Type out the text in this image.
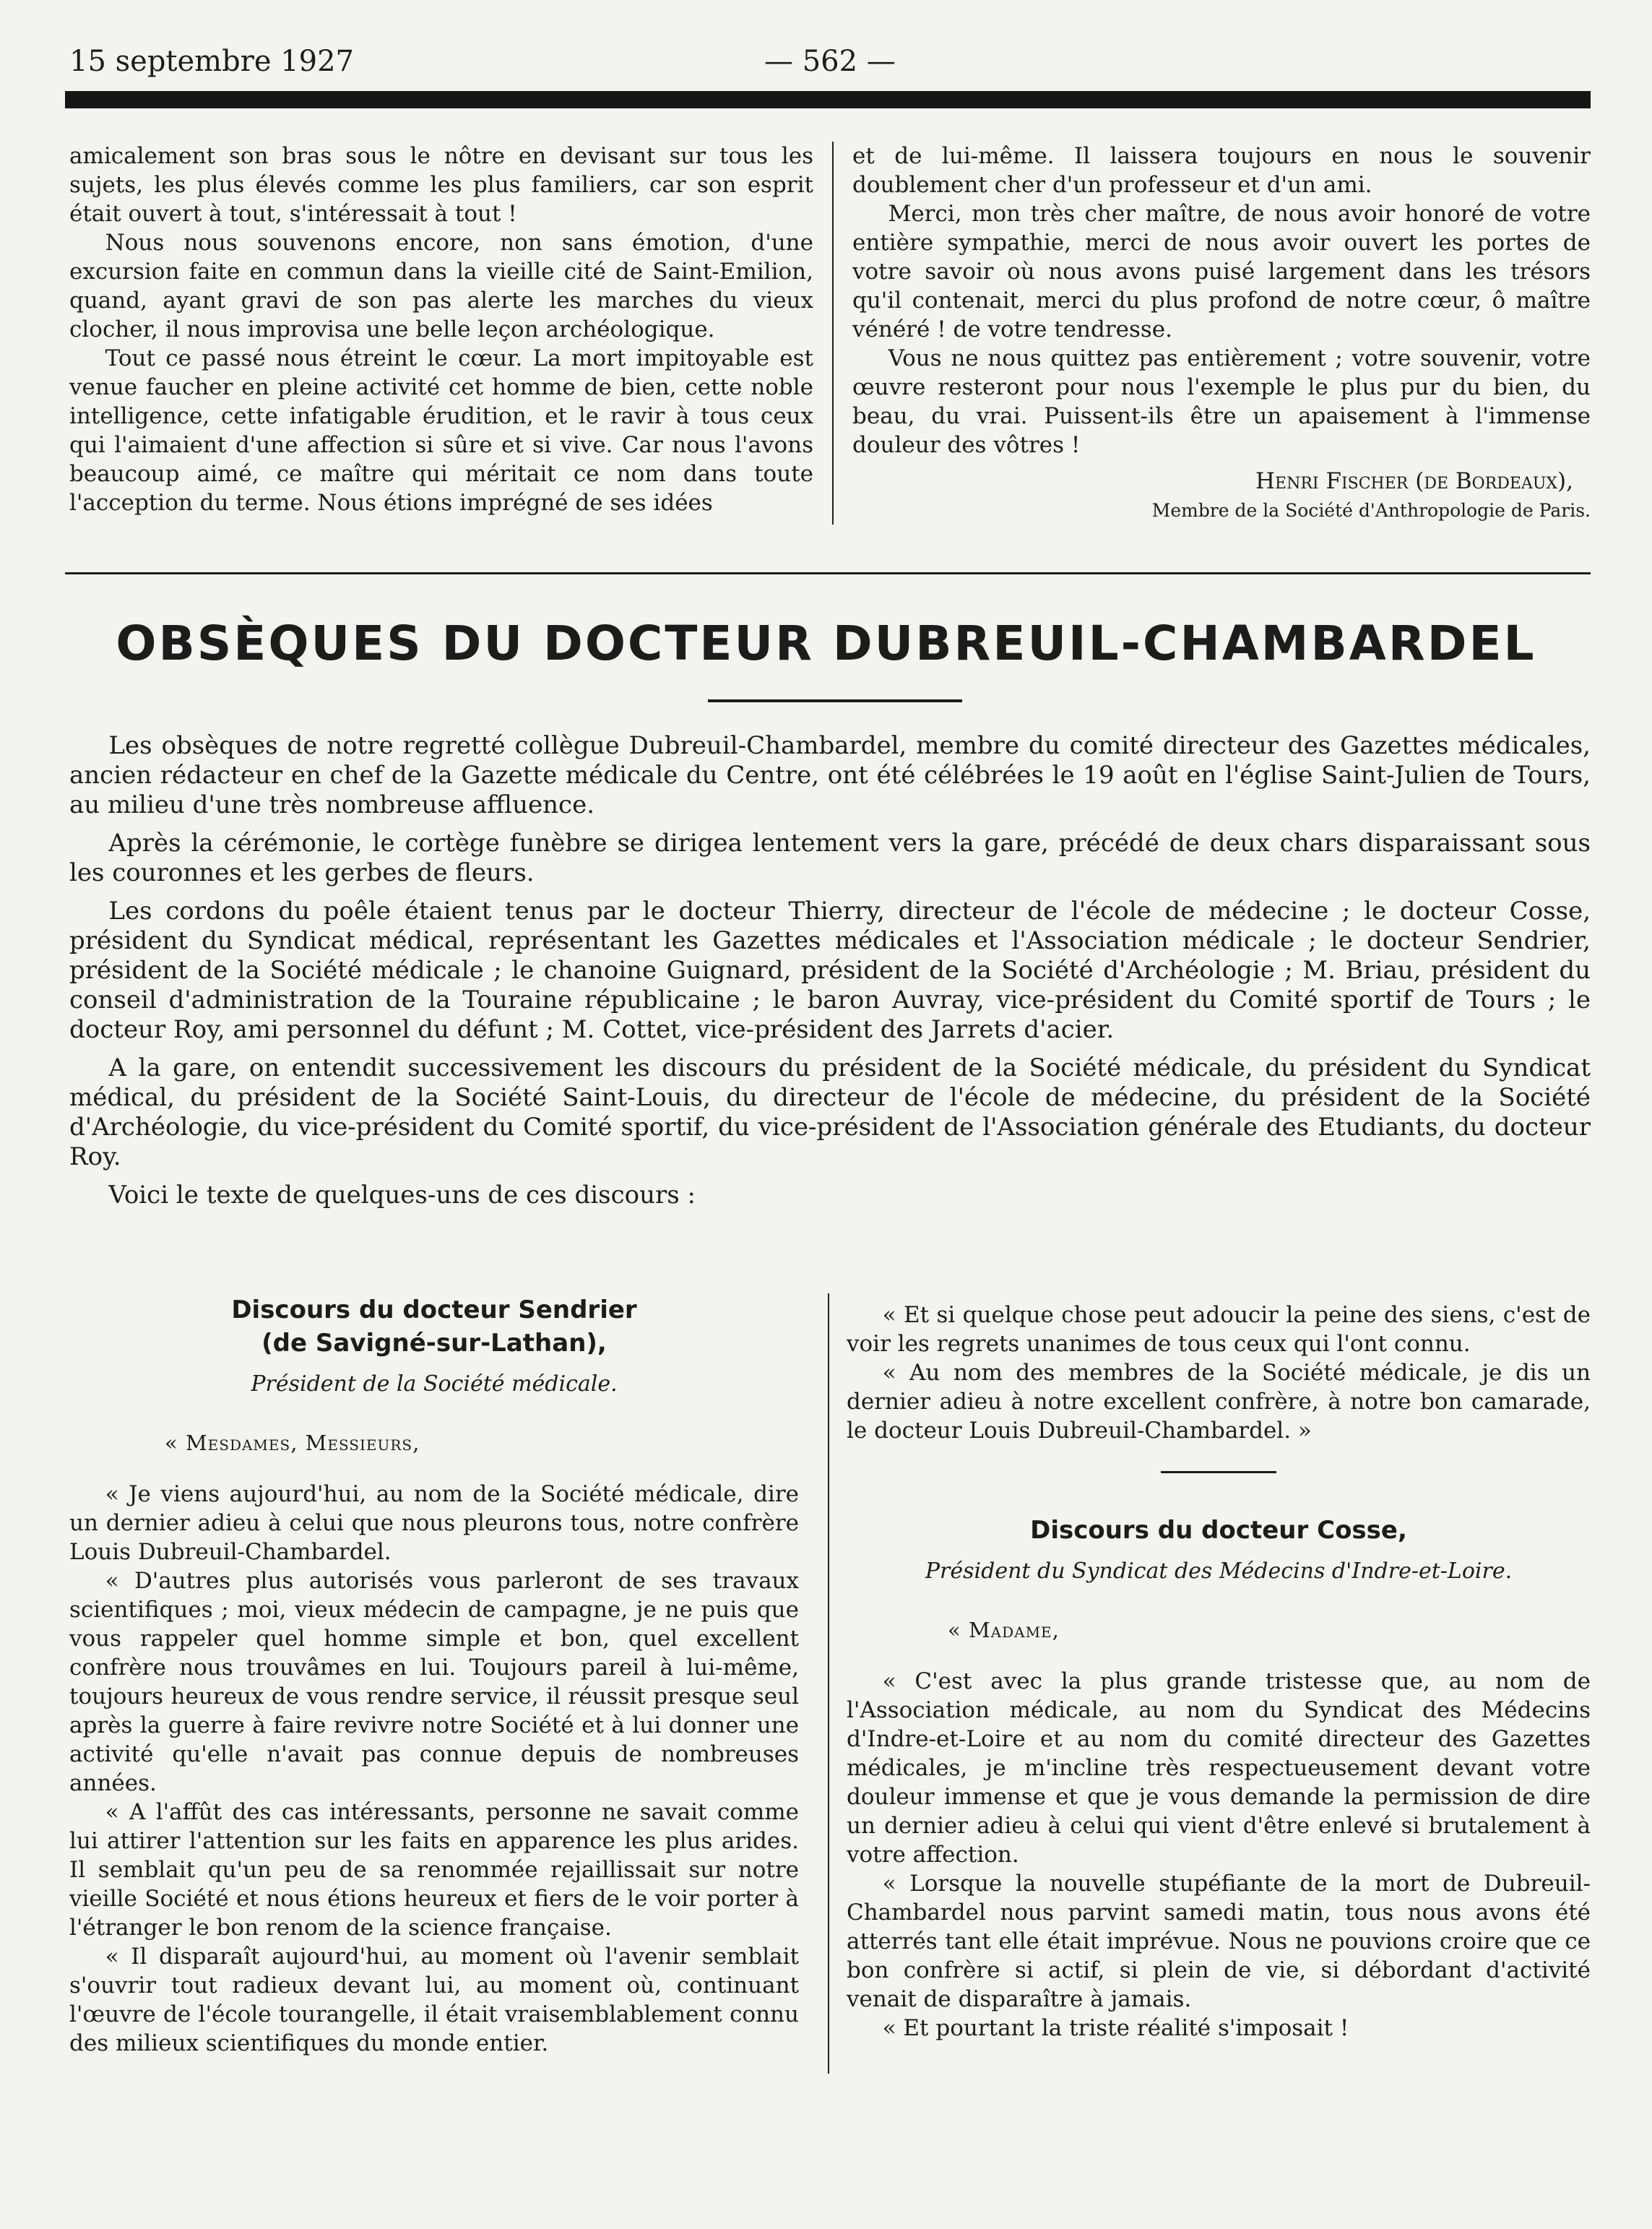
15 septembre 1927	— 562 —

amicalement son bras sous le nôtre en devisant sur tous les sujets, les plus élevés comme les plus familiers, car son esprit était ouvert à tout, s'intéressait à tout !

Nous nous souvenons encore, non sans émotion, d'une excursion faite en commun dans la vieille cité de Saint-Emilion, quand, ayant gravi de son pas alerte les marches du vieux clocher, il nous improvisa une belle leçon archéologique.

Tout ce passé nous étreint le cœur. La mort impitoyable est venue faucher en pleine activité cet homme de bien, cette noble intelligence, cette infatigable érudition, et le ravir à tous ceux qui l'aimaient d'une affection si sûre et si vive. Car nous l'avons beaucoup aimé, ce maître qui méritait ce nom dans toute l'acception du terme. Nous étions imprégné de ses idées

et de lui-même. Il laissera toujours en nous le souvenir doublement cher d'un professeur et d'un ami.

Merci, mon très cher maître, de nous avoir honoré de votre entière sympathie, merci de nous avoir ouvert les portes de votre savoir où nous avons puisé largement dans les trésors qu'il contenait, merci du plus profond de notre cœur, ô maître vénéré ! de votre tendresse.

Vous ne nous quittez pas entièrement ; votre souvenir, votre œuvre resteront pour nous l'exemple le plus pur du bien, du beau, du vrai. Puissent-ils être un apaisement à l'immense douleur des vôtres !

Henri Fischer (de Bordeaux),

Membre de la Société d'Anthropologie de Paris.

OBSÈQUES DU DOCTEUR DUBREUIL-CHAMBARDEL

Les obsèques de notre regretté collègue Dubreuil-Chambardel, membre du comité directeur des Gazettes médicales, ancien rédacteur en chef de la Gazette médicale du Centre, ont été célébrées le 19 août en l'église Saint-Julien de Tours, au milieu d'une très nombreuse affluence.

Après la cérémonie, le cortège funèbre se dirigea lentement vers la gare, précédé de deux chars disparaissant sous les couronnes et les gerbes de fleurs.

Les cordons du poêle étaient tenus par le docteur Thierry, directeur de l'école de médecine ; le docteur Cosse, président du Syndicat médical, représentant les Gazettes médicales et l'Association médicale ; le docteur Sendrier, président de la Société médicale ; le chanoine Guignard, président de la Société d'Archéologie ; M. Briau, président du conseil d'administration de la Touraine républicaine ; le baron Auvray, vice-président du Comité sportif de Tours ; le docteur Roy, ami personnel du défunt ; M. Cottet, vice-président des Jarrets d'acier.

A la gare, on entendit successivement les discours du président de la Société médicale, du président du Syndicat médical, du président de la Société Saint-Louis, du directeur de l'école de médecine, du président de la Société d'Archéologie, du vice-président du Comité sportif, du vice-président de l'Association générale des Etudiants, du docteur Roy.

Voici le texte de quelques-uns de ces discours :

Discours du docteur Sendrier

(de Savigné-sur-Lathan),

Président de la Société médicale.

« Mesdames, Messieurs,

« Je viens aujourd'hui, au nom de la Société médicale, dire un dernier adieu à celui que nous pleurons tous, notre confrère Louis Dubreuil-Chambardel.

« D'autres plus autorisés vous parleront de ses travaux scientifiques ; moi, vieux médecin de campagne, je ne puis que vous rappeler quel homme simple et bon, quel excellent confrère nous trouvâmes en lui. Toujours pareil à lui-même, toujours heureux de vous rendre service, il réussit presque seul après la guerre à faire revivre notre Société et à lui donner une activité qu'elle n'avait pas connue depuis de nombreuses années.

« A l'affût des cas intéressants, personne ne savait comme lui attirer l'attention sur les faits en apparence les plus arides. Il semblait qu'un peu de sa renommée rejaillissait sur notre vieille Société et nous étions heureux et fiers de le voir porter à l'étranger le bon renom de la science française.

« Il disparaît aujourd'hui, au moment où l'avenir semblait s'ouvrir tout radieux devant lui, au moment où, continuant l'œuvre de l'école tourangelle, il était vraisemblablement connu des milieux scientifiques du monde entier.

« Et si quelque chose peut adoucir la peine des siens, c'est de voir les regrets unanimes de tous ceux qui l'ont connu.

« Au nom des membres de la Société médicale, je dis un dernier adieu à notre excellent confrère, à notre bon camarade, le docteur Louis Dubreuil-Chambardel. »

Discours du docteur Cosse,

Président du Syndicat des Médecins d'Indre-et-Loire.

« Madame,

« C'est avec la plus grande tristesse que, au nom de l'Association médicale, au nom du Syndicat des Médecins d'Indre-et-Loire et au nom du comité directeur des Gazettes médicales, je m'incline très respectueusement devant votre douleur immense et que je vous demande la permission de dire un dernier adieu à celui qui vient d'être enlevé si brutalement à votre affection.

« Lorsque la nouvelle stupéfiante de la mort de Dubreuil-Chambardel nous parvint samedi matin, tous nous avons été atterrés tant elle était imprévue. Nous ne pouvions croire que ce bon confrère si actif, si plein de vie, si débordant d'activité venait de disparaître à jamais.

« Et pourtant la triste réalité s'imposait !
